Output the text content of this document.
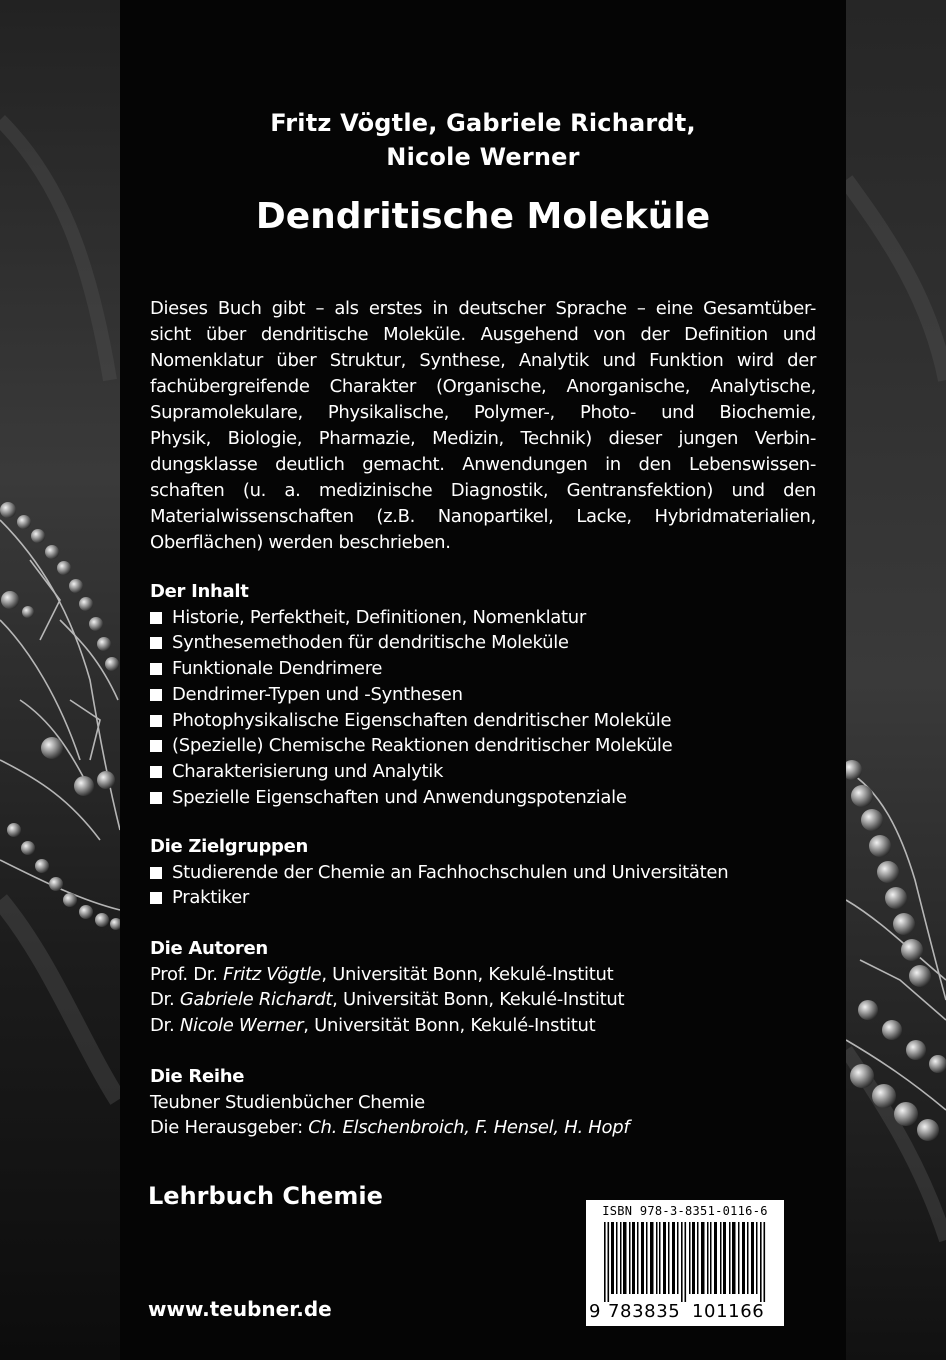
Fritz Vögtle, Gabriele Richardt,
Nicole Werner
Dendritische Moleküle
Dieses Buch gibt – als erstes in deutscher Sprache – eine Gesamtüber-
sicht über dendritische Moleküle. Ausgehend von der Definition und
Nomenklatur über Struktur, Synthese, Analytik und Funktion wird der
fachübergreifende Charakter (Organische, Anorganische, Analytische,
Supramolekulare, Physikalische, Polymer-, Photo- und Biochemie,
Physik, Biologie, Pharmazie, Medizin, Technik) dieser jungen Verbin-
dungsklasse deutlich gemacht. Anwendungen in den Lebenswissen-
schaften (u. a. medizinische Diagnostik, Gentransfektion) und den
Materialwissenschaften (z.B. Nanopartikel, Lacke, Hybridmaterialien,
Oberflächen) werden beschrieben.
Der Inhalt
Historie, Perfektheit, Definitionen, Nomenklatur
Synthesemethoden für dendritische Moleküle
Funktionale Dendrimere
Dendrimer-Typen und -Synthesen
Photophysikalische Eigenschaften dendritischer Moleküle
(Spezielle) Chemische Reaktionen dendritischer Moleküle
Charakterisierung und Analytik
Spezielle Eigenschaften und Anwendungspotenziale
Die Zielgruppen
Studierende der Chemie an Fachhochschulen und Universitäten
Praktiker
Die Autoren

Prof. Dr. Fritz Vögtle, Universität Bonn, Kekulé-Institut

Dr. Gabriele Richardt, Universität Bonn, Kekulé-Institut

Dr. Nicole Werner, Universität Bonn, Kekulé-Institut

Die Reihe

Teubner Studienbücher Chemie

Die Herausgeber: Ch. Elschenbroich, F. Hensel, H. Hopf

Lehrbuch Chemie
www.teubner.de
ISBN 978-3-8351-0116-6
9 783835 101166
